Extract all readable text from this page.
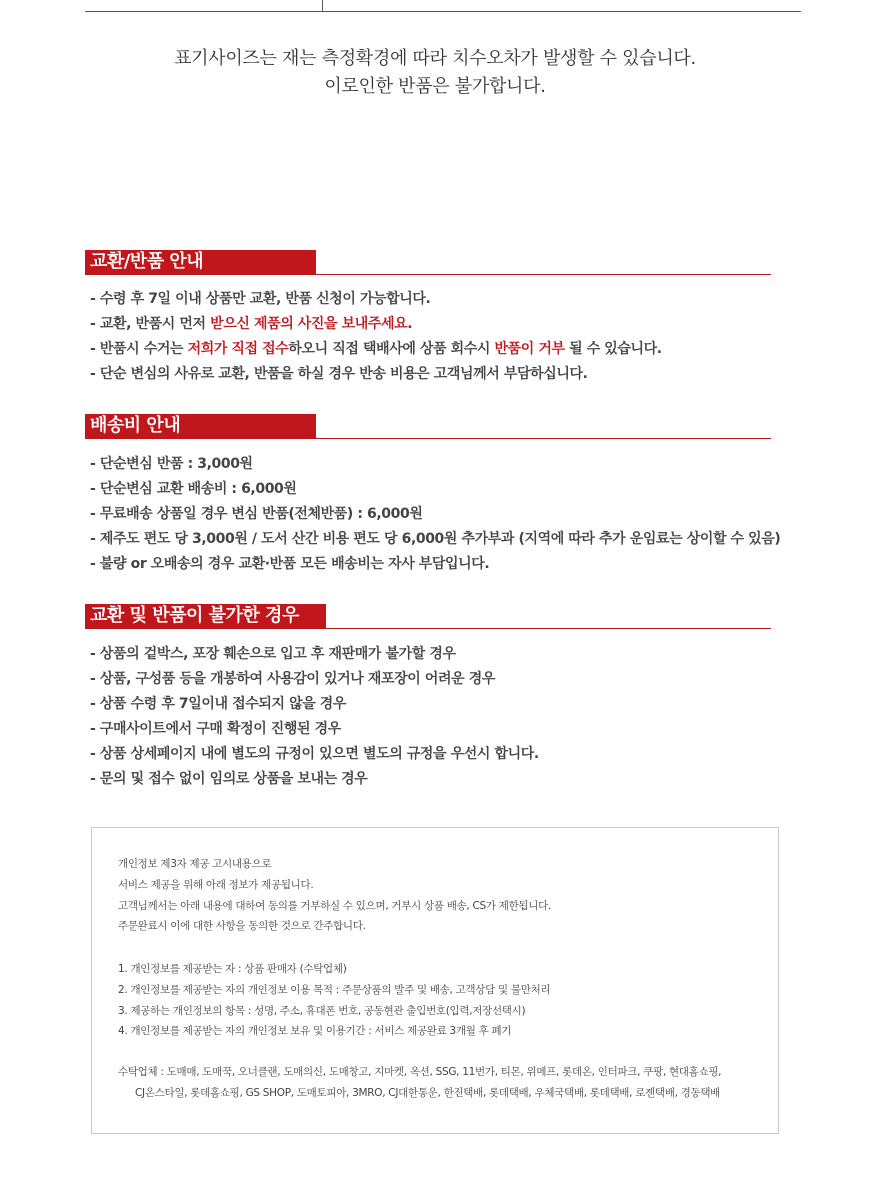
표기사이즈는 재는 측정확경에 따라 치수오차가 발생할 수 있습니다.
이로인한 반품은 불가합니다.
교환/반품 안내
- 수령 후 7일 이내 상품만 교환, 반품 신청이 가능합니다.
- 교환, 반품시 먼저 받으신 제품의 사진을 보내주세요.
- 반품시 수거는 저희가 직접 접수하오니 직접 택배사에 상품 회수시 반품이 거부 될 수 있습니다.
- 단순 변심의 사유로 교환, 반품을 하실 경우 반송 비용은 고객님께서 부담하십니다.
배송비 안내
- 단순변심 반품 : 3,000원
- 단순변심 교환 배송비 : 6,000원
- 무료배송 상품일 경우 변심 반품(전체반품) : 6,000원
- 제주도 편도 당 3,000원 / 도서 산간 비용 편도 당 6,000원 추가부과 (지역에 따라 추가 운임료는 상이할 수 있음)
- 불량 or 오배송의 경우 교환·반품 모든 배송비는 자사 부담입니다.
교환 및 반품이 불가한 경우
- 상품의 겉박스, 포장 훼손으로 입고 후 재판매가 불가할 경우
- 상품, 구성품 등을 개봉하여 사용감이 있거나 재포장이 어려운 경우
- 상품 수령 후 7일이내 접수되지 않을 경우
- 구매사이트에서 구매 확정이 진행된 경우
- 상품 상세페이지 내에 별도의 규정이 있으면 별도의 규정을 우선시 합니다.
- 문의 및 접수 없이 임의로 상품을 보내는 경우

개인정보 제3자 제공 고시내용으로

서비스 제공을 위해 아래 정보가 제공됩니다.

고객님께서는 아래 내용에 대하여 동의를 거부하실 수 있으며, 거부시 상품 배송, CS가 제한됩니다.

주문완료시 이에 대한 사항을 동의한 것으로 간주합니다.

1. 개인정보를 제공받는 자 : 상품 판매자 (수탁업체)

2. 개인정보를 제공받는 자의 개인정보 이용 목적 : 주문상품의 발주 및 배송, 고객상담 및 불만처리

3. 제공하는 개인정보의 항목 : 성명, 주소, 휴대폰 번호, 공동현관 출입번호(입력,저장선택시)

4. 개인정보를 제공받는 자의 개인정보 보유 및 이용기간 : 서비스 제공완료 3개월 후 폐기

수탁업체 : 도매매, 도매꾹, 오너클랜, 도매의신, 도매창고, 지마켓, 옥션, SSG, 11번가, 티몬, 위메프, 롯데온, 인터파크, 쿠팡, 현대홈쇼핑,

CJ온스타일, 롯데홈쇼핑, GS SHOP, 도매토피아, 3MRO, CJ대한통운, 한진택배, 롯데택배, 우체국택배, 롯데택배, 로젠택배, 경동택배
